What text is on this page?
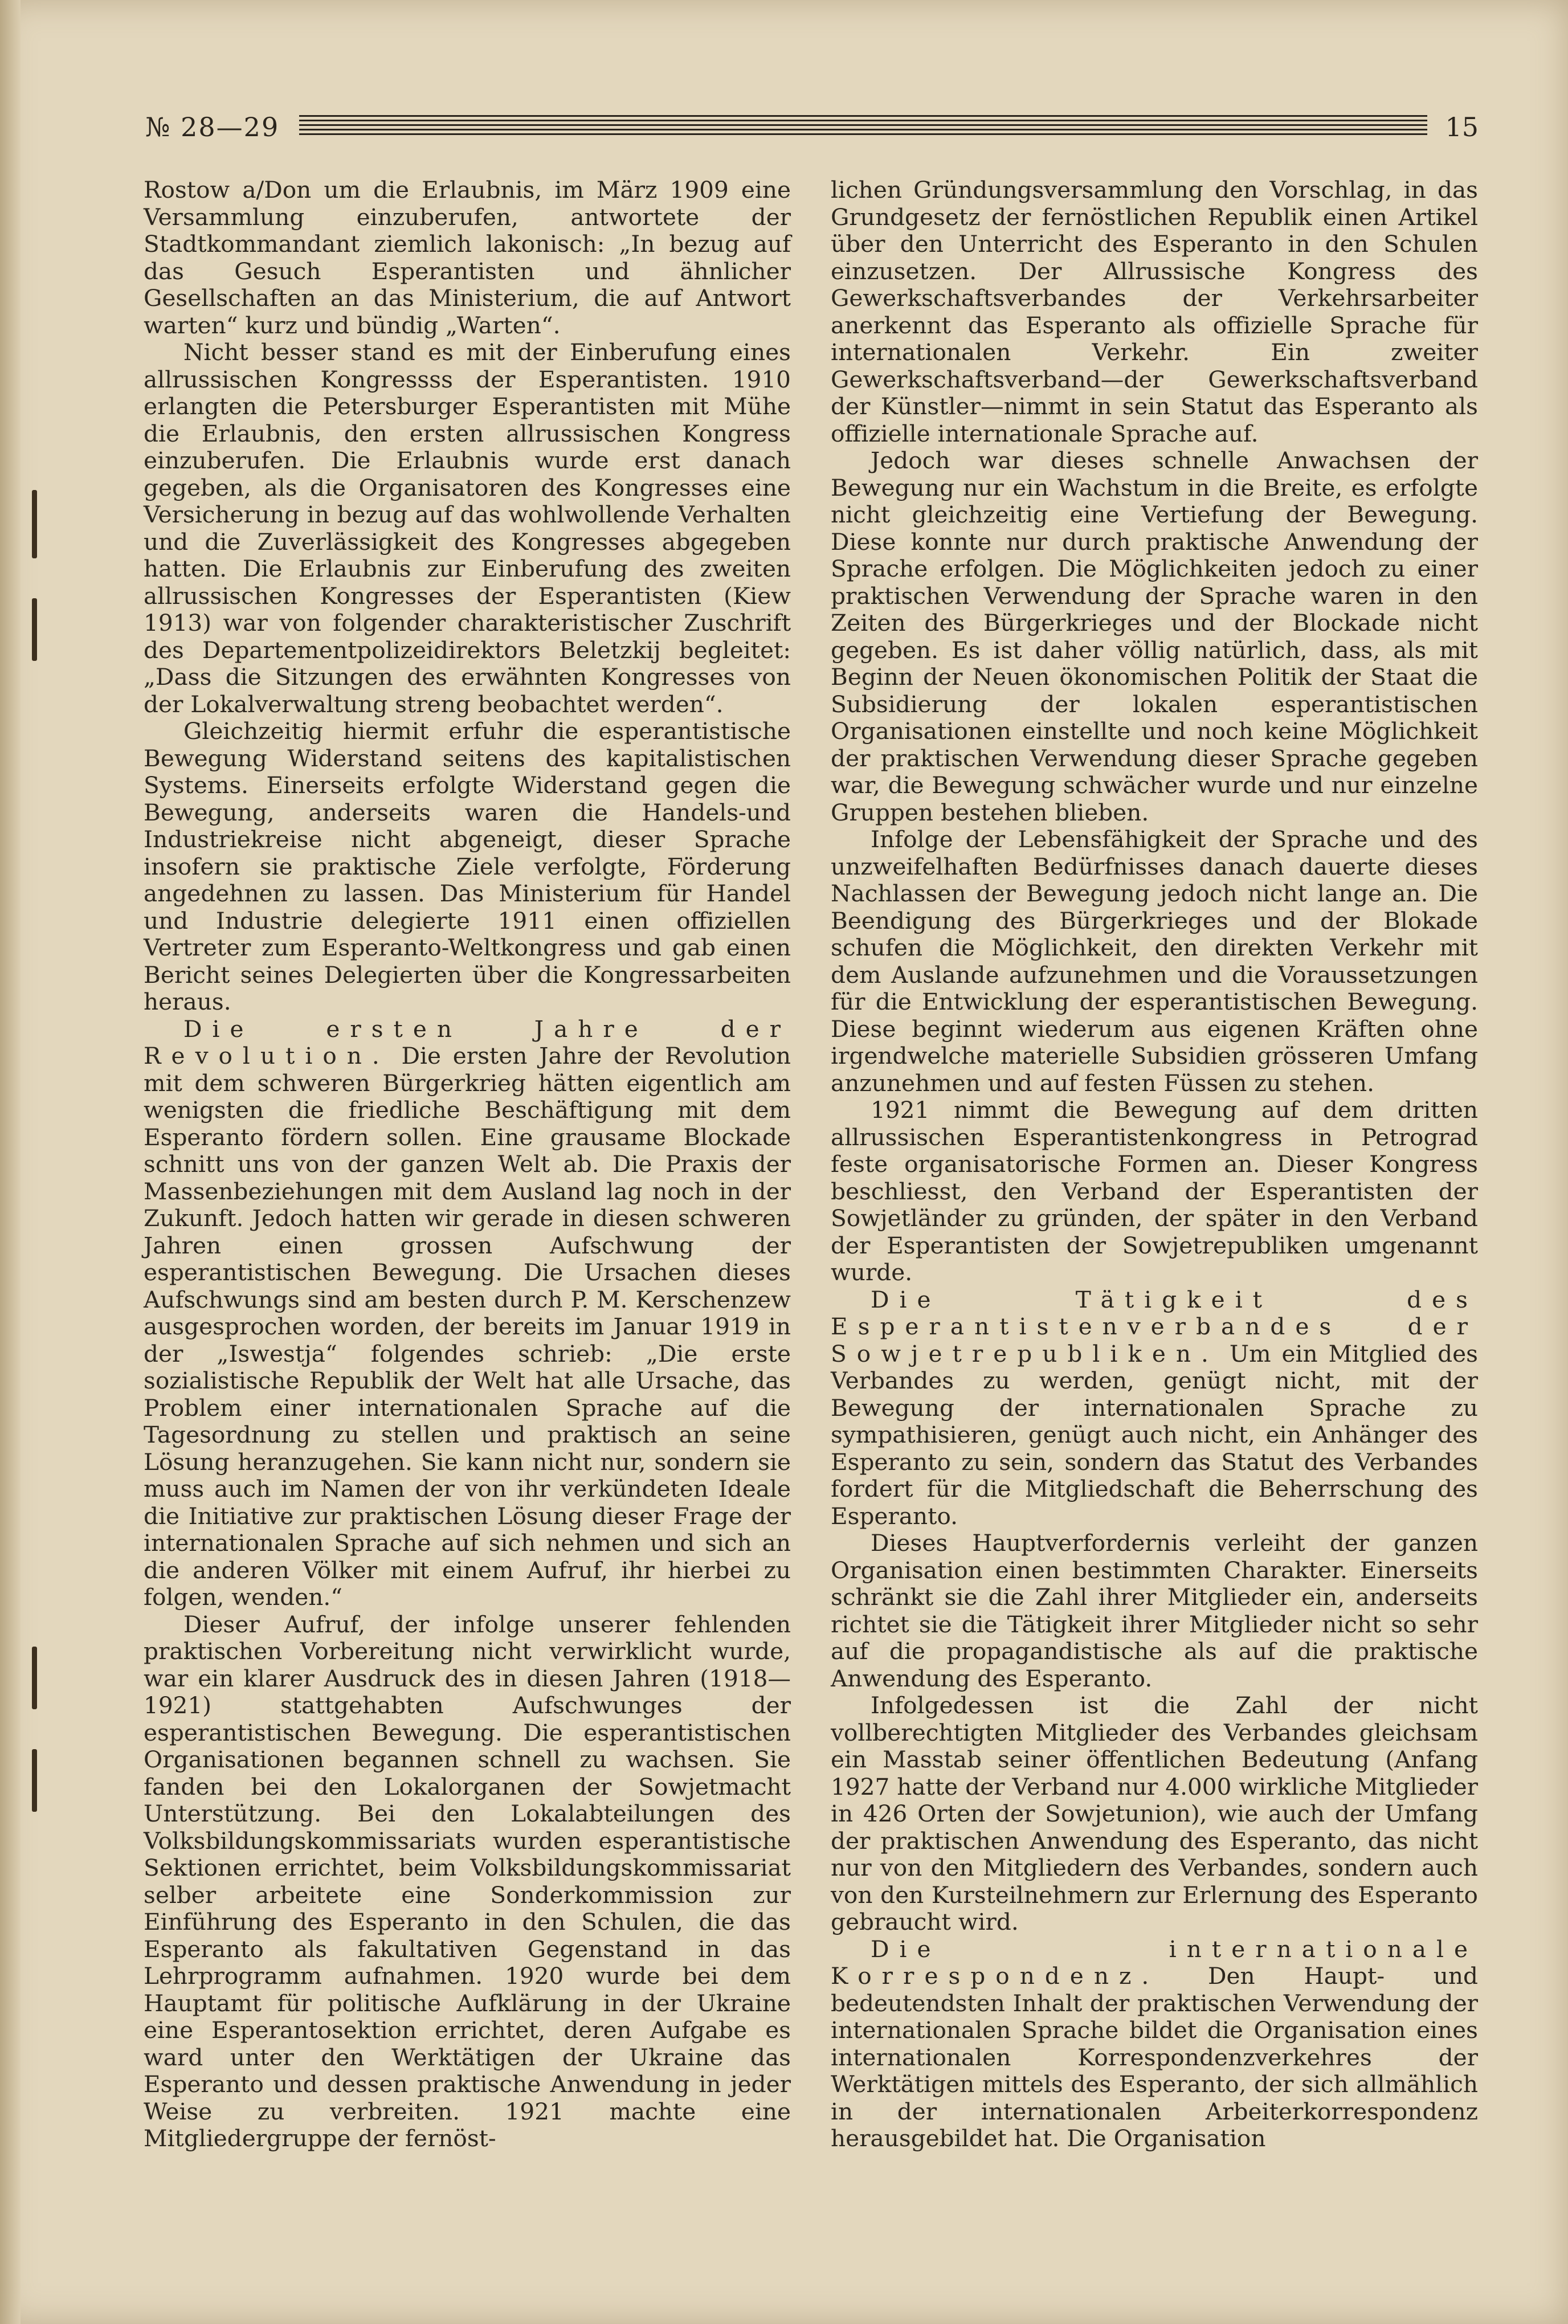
№ 28—29	15

Rostow a/Don um die Erlaubnis, im März 1909 eine Versammlung einzuberufen, antwortete der Stadtkommandant ziemlich lakonisch: „In bezug auf das Gesuch Esperantisten und ähnlicher Gesellschaften an das Ministerium, die auf Antwort warten“ kurz und bündig „Warten“.

Nicht besser stand es mit der Einberufung eines allrussischen Kongressss der Esperantisten. 1910 erlangten die Petersburger Esperantisten mit Mühe die Erlaubnis, den ersten allrussischen Kongress einzuberufen. Die Erlaubnis wurde erst danach gegeben, als die Organisatoren des Kongresses eine Versicherung in bezug auf das wohlwollende Verhalten und die Zuverlässigkeit des Kongresses abgegeben hatten. Die Erlaubnis zur Einberufung des zweiten allrussischen Kongresses der Esperantisten (Kiew 1913) war von folgender charakteristischer Zuschrift des Departementpolizeidirektors Beletzkij begleitet: „Dass die Sitzungen des erwähnten Kongresses von der Lokalverwaltung streng beobachtet werden“.

Gleichzeitig hiermit erfuhr die esperantistische Bewegung Widerstand seitens des kapitalistischen Systems. Einerseits erfolgte Widerstand gegen die Bewegung, anderseits waren die Handels-und Industriekreise nicht abgeneigt, dieser Sprache insofern sie praktische Ziele verfolgte, Förderung angedehnen zu lassen. Das Ministerium für Handel und Industrie delegierte 1911 einen offiziellen Vertreter zum Esperanto-Weltkongress und gab einen Bericht seines Delegierten über die Kongressarbeiten heraus.

Die ersten Jahre der Revolution. Die ersten Jahre der Revolution mit dem schweren Bürgerkrieg hätten eigentlich am wenigsten die friedliche Beschäftigung mit dem Esperanto fördern sollen. Eine grausame Blockade schnitt uns von der ganzen Welt ab. Die Praxis der Massenbeziehungen mit dem Ausland lag noch in der Zukunft. Jedoch hatten wir gerade in diesen schweren Jahren einen grossen Aufschwung der esperantistischen Bewegung. Die Ursachen dieses Aufschwungs sind am besten durch P. M. Kerschenzew ausgesprochen worden, der bereits im Januar 1919 in der „Iswestja“ folgendes schrieb: „Die erste sozialistische Republik der Welt hat alle Ursache, das Problem einer internationalen Sprache auf die Tagesordnung zu stellen und praktisch an seine Lösung heranzugehen. Sie kann nicht nur, sondern sie muss auch im Namen der von ihr verkündeten Ideale die Initiative zur praktischen Lösung dieser Frage der internationalen Sprache auf sich nehmen und sich an die anderen Völker mit einem Aufruf, ihr hierbei zu folgen, wenden.“

Dieser Aufruf, der infolge unserer fehlenden praktischen Vorbereitung nicht verwirklicht wurde, war ein klarer Ausdruck des in diesen Jahren (1918—1921) stattgehabten Aufschwunges der esperantistischen Bewegung. Die esperantistischen Organisationen begannen schnell zu wachsen. Sie fanden bei den Lokalorganen der Sowjetmacht Unterstützung. Bei den Lokalabteilungen des Volksbildungskommissariats wurden esperantistische Sektionen errichtet, beim Volksbildungskommissariat selber arbeitete eine Sonderkommission zur Einführung des Esperanto in den Schulen, die das Esperanto als fakultativen Gegenstand in das Lehrprogramm aufnahmen. 1920 wurde bei dem Hauptamt für politische Aufklärung in der Ukraine eine Esperantosektion errichtet, deren Aufgabe es ward unter den Werktätigen der Ukraine das Esperanto und dessen praktische Anwendung in jeder Weise zu verbreiten. 1921 machte eine Mitgliedergruppe der fernöst-

lichen Gründungsversammlung den Vorschlag, in das Grundgesetz der fernöstlichen Republik einen Artikel über den Unterricht des Esperanto in den Schulen einzusetzen. Der Allrussische Kongress des Gewerkschaftsverbandes der Verkehrsarbeiter anerkennt das Esperanto als offizielle Sprache für internationalen Verkehr. Ein zweiter Gewerkschaftsverband—der Gewerkschaftsverband der Künstler—nimmt in sein Statut das Esperanto als offizielle internationale Sprache auf.

Jedoch war dieses schnelle Anwachsen der Bewegung nur ein Wachstum in die Breite, es erfolgte nicht gleichzeitig eine Vertiefung der Bewegung. Diese konnte nur durch praktische Anwendung der Sprache erfolgen. Die Möglichkeiten jedoch zu einer praktischen Verwendung der Sprache waren in den Zeiten des Bürgerkrieges und der Blockade nicht gegeben. Es ist daher völlig natürlich, dass, als mit Beginn der Neuen ökonomischen Politik der Staat die Subsidierung der lokalen esperantistischen Organisationen einstellte und noch keine Möglichkeit der praktischen Verwendung dieser Sprache gegeben war, die Bewegung schwächer wurde und nur einzelne Gruppen bestehen blieben.

Infolge der Lebensfähigkeit der Sprache und des unzweifelhaften Bedürfnisses danach dauerte dieses Nachlassen der Bewegung jedoch nicht lange an. Die Beendigung des Bürgerkrieges und der Blokade schufen die Möglichkeit, den direkten Verkehr mit dem Auslande aufzunehmen und die Voraussetzungen für die Entwicklung der esperantistischen Bewegung. Diese beginnt wiederum aus eigenen Kräften ohne irgendwelche materielle Subsidien grösseren Umfang anzunehmen und auf festen Füssen zu stehen.

1921 nimmt die Bewegung auf dem dritten allrussischen Esperantistenkongress in Petrograd feste organisatorische Formen an. Dieser Kongress beschliesst, den Verband der Esperantisten der Sowjetländer zu gründen, der später in den Verband der Esperantisten der Sowjetrepubliken umgenannt wurde.

Die Tätigkeit des Esperantistenverbandes der Sowjetrepubliken. Um ein Mitglied des Verbandes zu werden, genügt nicht, mit der Bewegung der internationalen Sprache zu sympathisieren, genügt auch nicht, ein Anhänger des Esperanto zu sein, sondern das Statut des Verbandes fordert für die Mitgliedschaft die Beherrschung des Esperanto.

Dieses Hauptverfordernis verleiht der ganzen Organisation einen bestimmten Charakter. Einerseits schränkt sie die Zahl ihrer Mitglieder ein, anderseits richtet sie die Tätigkeit ihrer Mitglieder nicht so sehr auf die propagandistische als auf die praktische Anwendung des Esperanto.

Infolgedessen ist die Zahl der nicht vollberechtigten Mitglieder des Verbandes gleichsam ein Masstab seiner öffentlichen Bedeutung (Anfang 1927 hatte der Verband nur 4.000 wirkliche Mitglieder in 426 Orten der Sowjetunion), wie auch der Umfang der praktischen Anwendung des Esperanto, das nicht nur von den Mitgliedern des Verbandes, sondern auch von den Kursteilnehmern zur Erlernung des Esperanto gebraucht wird.

Die internationale Korrespondenz. Den Haupt- und bedeutendsten Inhalt der praktischen Verwendung der internationalen Sprache bildet die Organisation eines internationalen Korrespondenzverkehres der Werktätigen mittels des Esperanto, der sich allmählich in der internationalen Arbeiterkorrespondenz herausgebildet hat. Die Organisation
